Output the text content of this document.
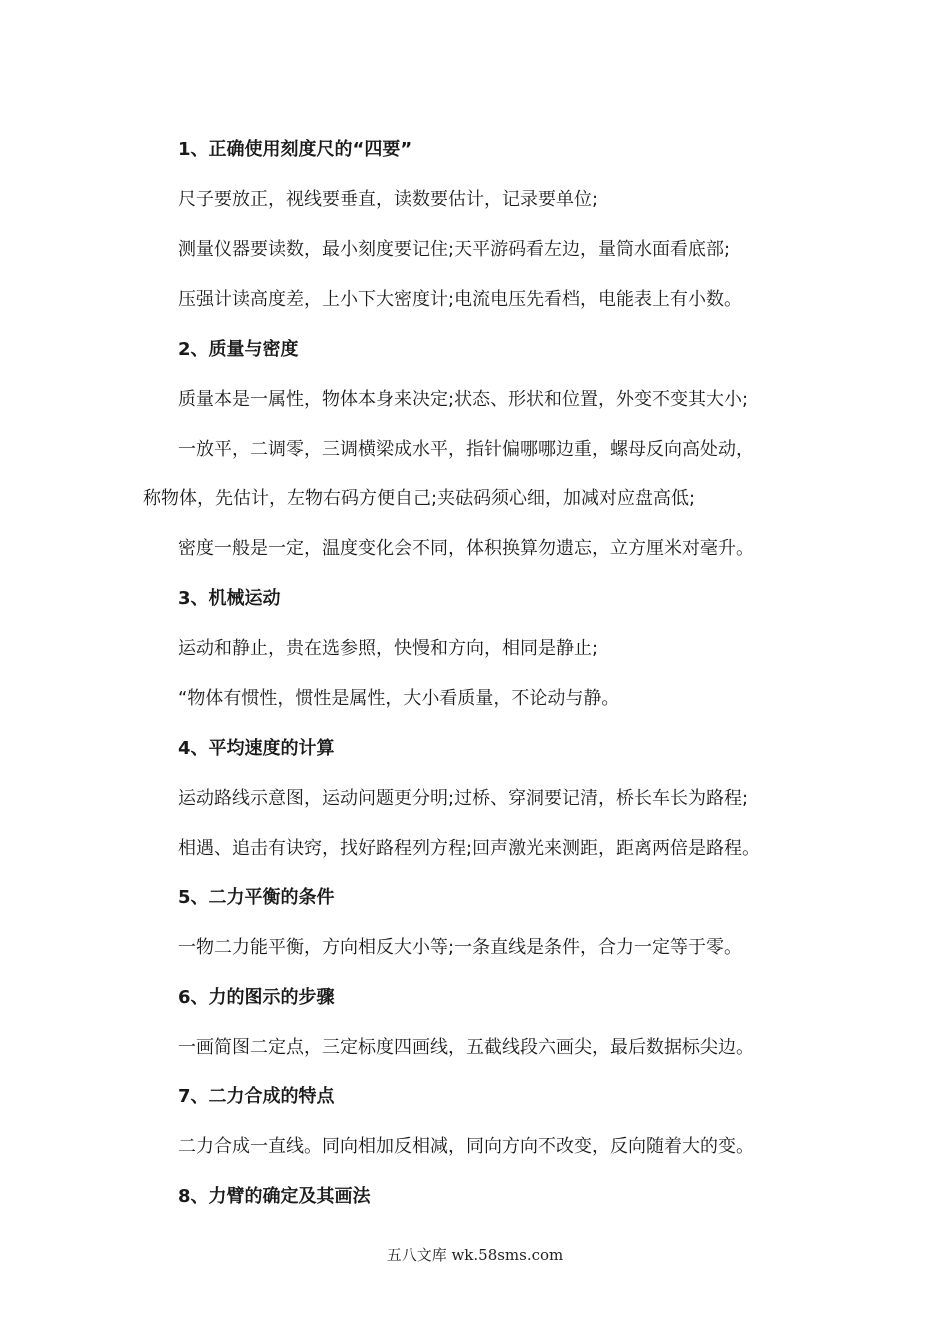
1、正确使用刻度尺的“四要”
尺子要放正，视线要垂直，读数要估计，记录要单位;
测量仪器要读数，最小刻度要记住;天平游码看左边，量筒水面看底部;
压强计读高度差，上小下大密度计;电流电压先看档，电能表上有小数。
2、质量与密度
质量本是一属性，物体本身来决定;状态、形状和位置，外变不变其大小;
一放平，二调零，三调横梁成水平，指针偏哪哪边重，螺母反向高处动，
称物体，先估计，左物右码方便自己;夹砝码须心细，加减对应盘高低;
密度一般是一定，温度变化会不同，体积换算勿遗忘，立方厘米对毫升。
3、机械运动
运动和静止，贵在选参照，快慢和方向，相同是静止;
“物体有惯性，惯性是属性，大小看质量，不论动与静。
4、平均速度的计算
运动路线示意图，运动问题更分明;过桥、穿洞要记清，桥长车长为路程;
相遇、追击有诀窍，找好路程列方程;回声激光来测距，距离两倍是路程。
5、二力平衡的条件
一物二力能平衡，方向相反大小等;一条直线是条件，合力一定等于零。
6、力的图示的步骤
一画简图二定点，三定标度四画线，五截线段六画尖，最后数据标尖边。
7、二力合成的特点
二力合成一直线。同向相加反相减，同向方向不改变，反向随着大的变。
8、力臂的确定及其画法
五八文库 wk.58sms.com
